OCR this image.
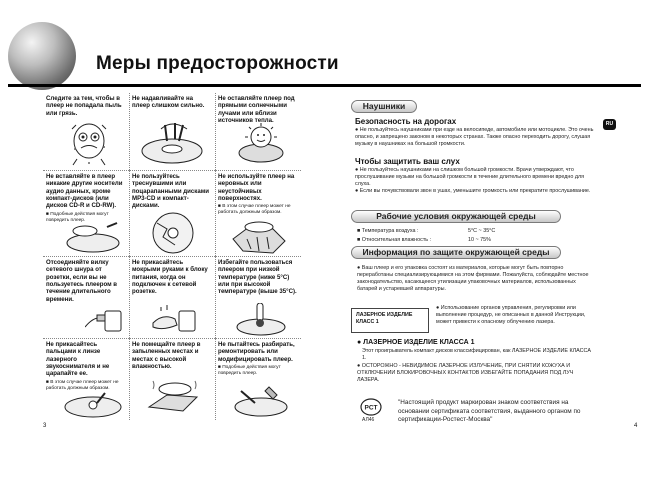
Меры предосторожности
Следите за тем, чтобы в плеер не попадала пыль или грязь.
Не надавливайте на плеер слишком сильно.
Не оставляйте плеер под прямыми солнечными лучами или вблизи источников тепла.
Не вставляйте в плеер никакие другие носители аудио данных, кроме компакт-дисков (или дисков CD-R и CD-RW).
■ Подобные действия могут повредить плеер.
Не пользуйтесь треснувшими или поцарапанными дисками MP3-CD и компакт-дисками.
Не используйте плеер на неровных или неустойчивых поверхностях.
■ В этом случае плеер может не работать должным образом.
Отсоединяйте вилку сетевого шнура от розетки, если вы не пользуетесь плеером в течение длительного времени.
Не прикасайтесь мокрыми руками к блоку питания, когда он подключен к сетевой розетке.
Избегайте пользоваться плеером при низкой температуре (ниже 5°С) или при высокой температуре (выше 35°С).
Не прикасайтесь пальцами к линзе лазерного звукоснимателя и не царапайте ее.
■ В этом случае плеер может не работать должным образом.
Не помещайте плеер в запыленных местах и местах с высокой влажностью.
Не пытайтесь разбирать, ремонтировать или модифицировать плеер.
■ Подобные действия могут повредить плеер.
3	4
RU
Наушники
Безопасность на дорогах

● Не пользуйтесь наушниками при езде на велосипеде, автомобиле или мотоцикле. Это очень опасно, и запрещено законом в некоторых странах. Также опасно переходить дорогу, слушая музыку в наушниках на большой громкости.

Чтобы защитить ваш слух

● Не пользуйтесь наушниками на слишком большой громкости. Врачи утверждают, что прослушивание музыки на большой громкости в течение длительного времени вредно для слуха.

● Если вы почувствовали звон в ушах, уменьшите громкость или прекратите прослушивание.

Рабочие условия окружающей среды
■ Температура воздуха :	5°С ~ 35°С
■ Относительная влажность :	10 ~ 75%
Информация по защите окружающей среды

● Ваш плеер и его упаковка состоят из материалов, которые могут быть повторно переработаны специализирующимися на этом фирмами. Пожалуйста, соблюдайте местное законодательство, касающееся утилизации упаковочных материалов, использованных батарей и устаревшей аппаратуры.

ЛАЗЕРНОЕ ИЗДЕЛИЕ КЛАСС 1

● Использование органов управления, регулировки или выполнение процедур, не описанных в данной Инструкции, может привести к опасному облучению лазера.

● ЛАЗЕРНОЕ ИЗДЕЛИЕ КЛАССА 1

Этот проигрыватель компакт дисков классифицирован, как ЛАЗЕРНОЕ ИЗДЕЛИЕ КЛАССА 1.

● ОСТОРОЖНО - НЕВИДИМОЕ ЛАЗЕРНОЕ ИЗЛУЧЕНИЕ, ПРИ СНЯТИИ КОЖУХА И ОТКЛЮЧЕНИИ БЛОКИРОВОЧНЫХ КОНТАКТОВ ИЗБЕГАЙТЕ ПОПАДАНИЯ ПОД ЛУЧ ЛАЗЕРА.

PCT
АЛ46

"Настоящий продукт маркирован знаком соответствия на основании сертификата соответствия, выданного органом по сертификации-Ростест-Москва"
